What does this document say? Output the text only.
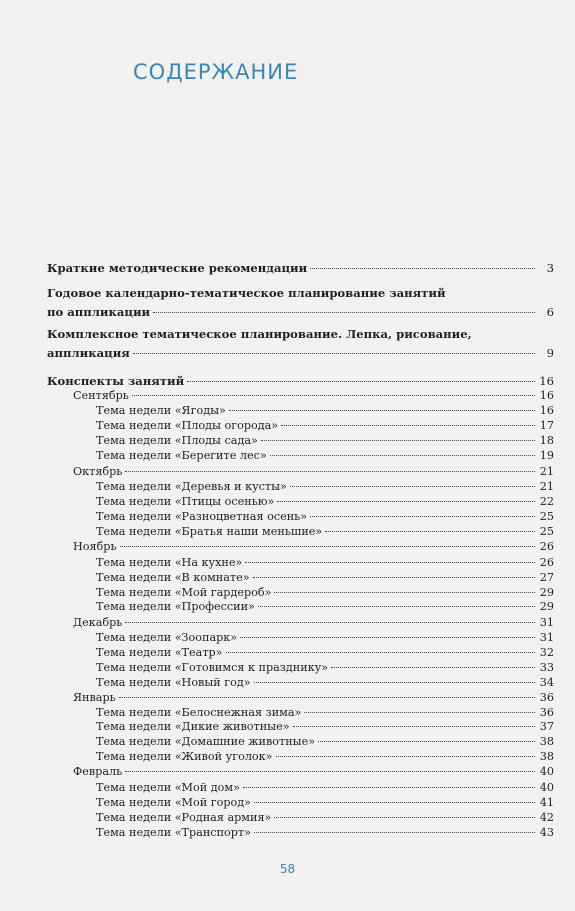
СОДЕРЖАНИЕ
Краткие методические рекомендации	3
Годовое календарно-тематическое планирование занятий
по аппликации	6
Комплексное тематическое планирование. Лепка, рисование,
аппликация	9
Конспекты занятий	16
Сентябрь	16
Тема недели «Ягоды»	16
Тема недели «Плоды огорода»	17
Тема недели «Плоды сада»	18
Тема недели «Берегите лес»	19
Октябрь	21
Тема недели «Деревья и кусты»	21
Тема недели «Птицы осенью»	22
Тема недели «Разноцветная осень»	25
Тема недели «Братья наши меньшие»	25
Ноябрь	26
Тема недели «На кухне»	26
Тема недели «В комнате»	27
Тема недели «Мой гардероб»	29
Тема недели «Профессии»	29
Декабрь	31
Тема недели «Зоопарк»	31
Тема недели «Театр»	32
Тема недели «Готовимся к празднику»	33
Тема недели «Новый год»	34
Январь	36
Тема недели «Белоснежная зима»	36
Тема недели «Дикие животные»	37
Тема недели «Домашние животные»	38
Тема недели «Живой уголок»	38
Февраль	40
Тема недели «Мой дом»	40
Тема недели «Мой город»	41
Тема недели «Родная армия»	42
Тема недели «Транспорт»	43
58
